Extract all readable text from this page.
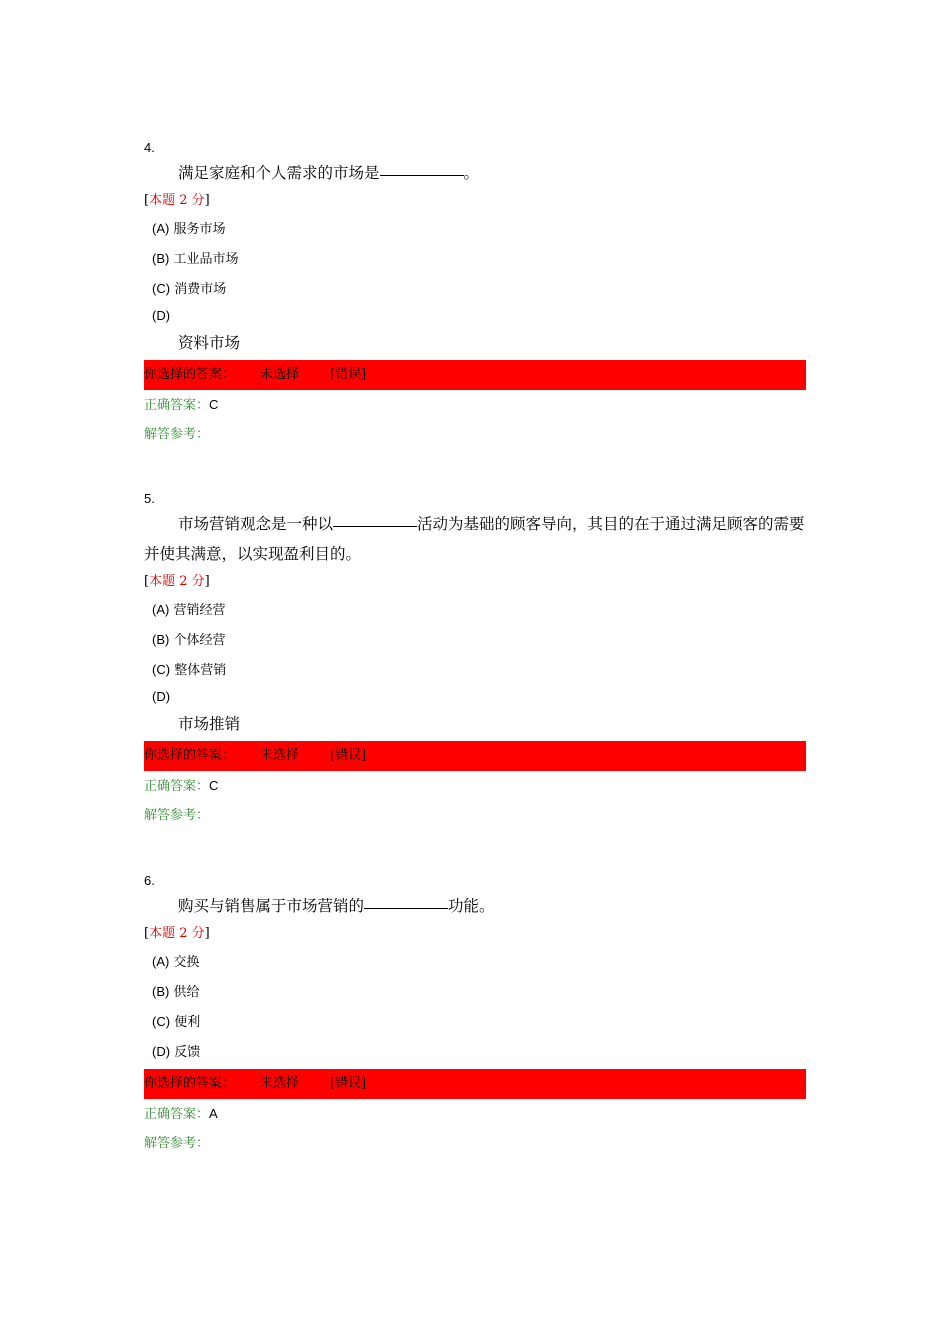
4.
满足家庭和个人需求的市场是	。
[本题 2 分]
(A) 服务市场
(B) 工业品市场
(C) 消费市场
(D)
资料市场
你选择的答案： 未选择 [错误]
正确答案：C
解答参考：
5.
市场营销观念是一种以	活动为基础的顾客导向，其目的在于通过满足顾客的需要并使其满意，以实现盈利目的。
[本题 2 分]
(A) 营销经营
(B) 个体经营
(C) 整体营销
(D)
市场推销
你选择的答案： 未选择 [错误]
正确答案：C
解答参考：
6.
购买与销售属于市场营销的	功能。
[本题 2 分]
(A) 交换
(B) 供给
(C) 便利
(D) 反馈
你选择的答案： 未选择 [错误]
正确答案：A
解答参考：
